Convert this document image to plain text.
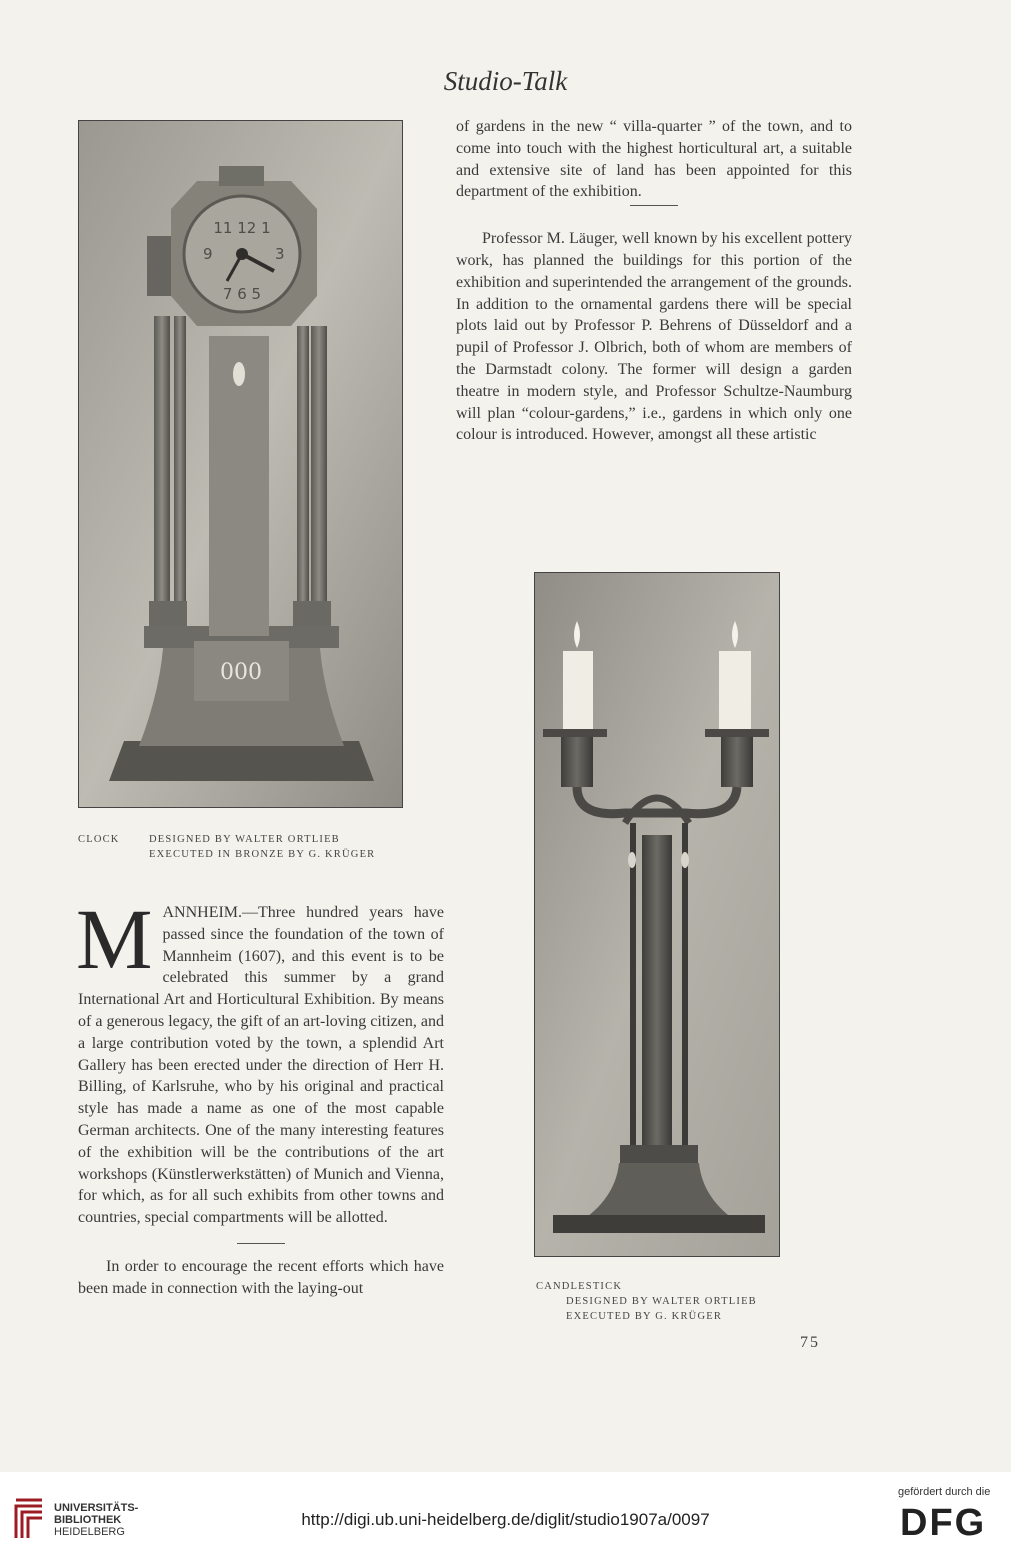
Studio-Talk
000
11 12 1
9	3
7 6 5
CLOCK	DESIGNED BY WALTER ORTLIEB
EXECUTED IN BRONZE BY G. KRÜGER

MANNHEIM.—Three hundred years have passed since the foundation of the town of Mannheim (1607), and this event is to be celebrated this summer by a grand International Art and Horticultural Exhibition. By means of a generous legacy, the gift of an art-loving citizen, and a large contribution voted by the town, a splendid Art Gallery has been erected under the direction of Herr H. Billing, of Karlsruhe, who by his original and practical style has made a name as one of the most capable German architects. One of the many interesting features of the exhibition will be the contributions of the art workshops (Künstlerwerkstätten) of Munich and Vienna, for which, as for all such exhibits from other towns and countries, special compartments will be allotted.

In order to encourage the recent efforts which have been made in connection with the laying-out

of gardens in the new “ villa-quarter ” of the town, and to come into touch with the highest horticultural art, a suitable and extensive site of land has been appointed for this department of the exhibition.

Professor M. Läuger, well known by his excellent pottery work, has planned the buildings for this portion of the exhibition and superintended the arrangement of the grounds. In addition to the ornamental gardens there will be special plots laid out by Professor P. Behrens of Düsseldorf and a pupil of Professor J. Olbrich, both of whom are members of the Darmstadt colony. The former will design a garden theatre in modern style, and Professor Schultze-Naumburg will plan “colour-gardens,” i.e., gardens in which only one colour is introduced. However, amongst all these artistic

CANDLESTICK
DESIGNED BY WALTER ORTLIEB
EXECUTED BY G. KRÜGER
75
UNIVERSITÄTS-
BIBLIOTHEK
HEIDELBERG
http://digi.ub.uni-heidelberg.de/diglit/studio1907a/0097
gefördert durch die
DFG
